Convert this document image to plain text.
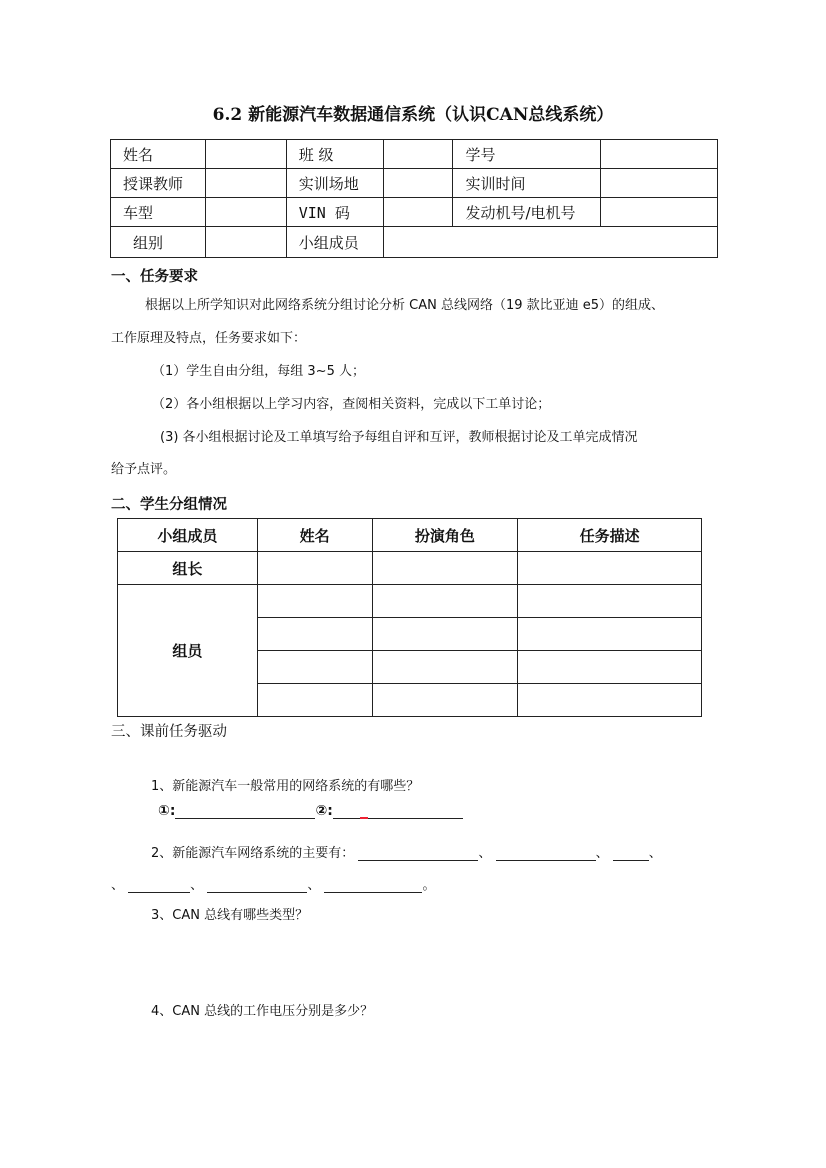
6.2 新能源汽车数据通信系统（认识CAN总线系统）
姓名		班 级		学号	
授课教师		实训场地		实训时间	
车型		VIN 码		发动机号/电机号	
组别		小组成员			
一、任务要求
根据以上所学知识对此网络系统分组讨论分析 CAN 总线网络（19 款比亚迪 e5）的组成、
工作原理及特点，任务要求如下：
（1）学生自由分组，每组 3~5 人；
（2）各小组根据以上学习内容，查阅相关资料，完成以下工单讨论；
(3) 各小组根据讨论及工单填写给予每组自评和互评，教师根据讨论及工单完成情况
给予点评。
二、学生分组情况
小组成员	姓名	扮演角色	任务描述
组长			
组员			

三、课前任务驱动
1、新能源汽车一般常用的网络系统的有哪些？
①:	②:
2、新能源汽车网络系统的主要有：	、	、	、
、	、	、	。
3、CAN 总线有哪些类型？
4、CAN 总线的工作电压分别是多少？
